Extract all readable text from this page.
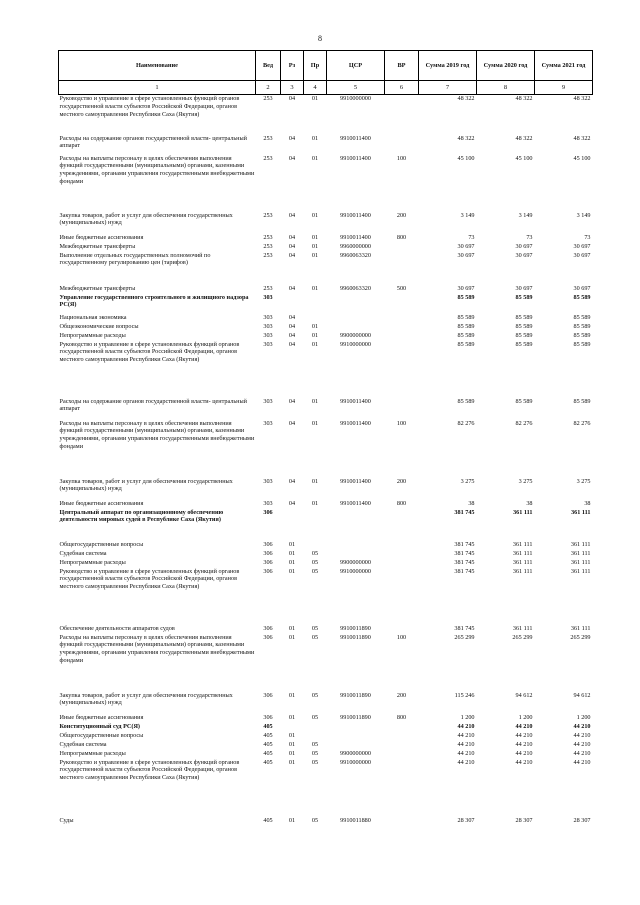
8
Наименование	Вед	Рз	Пр	ЦСР	ВР	Сумма 2019 год	Сумма 2020 год	Сумма 2021 год
1	2	3	4	5	6	7	8	9
Руководство и управление в сфере установленных функций органов государственной власти субъектов Российской Федерации, органов местного самоуправления Республики Саха (Якутия)	253	04	01	9910000000		48 322	48 322	48 322
Расходы на содержание органов государственной власти- центральный аппарат	253	04	01	9910011400		48 322	48 322	48 322
Расходы на выплаты персоналу в целях обеспечения выполнения функций государственными (муниципальными) органами, казенными учреждениями, органами управления государственными внебюджетными фондами	253	04	01	9910011400	100	45 100	45 100	45 100
Закупка товаров, работ и услуг для обеспечения государственных (муниципальных) нужд	253	04	01	9910011400	200	3 149	3 149	3 149
Иные бюджетные ассигнования	253	04	01	9910011400	800	73	73	73
Межбюджетные трансферты	253	04	01	9960000000		30 697	30 697	30 697
Выполнение отдельных государственных полномочий по государственному регулированию цен (тарифов)	253	04	01	9960063320		30 697	30 697	30 697
Межбюджетные трансферты	253	04	01	9960063320	500	30 697	30 697	30 697
Управление государственного строительного и жилищного надзора РС(Я)	303					85 589	85 589	85 589
Национальная экономика	303	04				85 589	85 589	85 589
Общеэкономические вопросы	303	04	01			85 589	85 589	85 589
Непрограммные расходы	303	04	01	9900000000		85 589	85 589	85 589
Руководство и управление в сфере установленных функций органов государственной власти субъектов Российской Федерации, органов местного самоуправления Республики Саха (Якутия)	303	04	01	9910000000		85 589	85 589	85 589
Расходы на содержание органов государственной власти- центральный аппарат	303	04	01	9910011400		85 589	85 589	85 589
Расходы на выплаты персоналу в целях обеспечения выполнения функций государственными (муниципальными) органами, казенными учреждениями, органами управления государственными внебюджетными фондами	303	04	01	9910011400	100	82 276	82 276	82 276
Закупка товаров, работ и услуг для обеспечения государственных (муниципальных) нужд	303	04	01	9910011400	200	3 275	3 275	3 275
Иные бюджетные ассигнования	303	04	01	9910011400	800	38	38	38
Центральный аппарат по организационному обеспечению деятельности мировых судей в Республике Саха (Якутия)	306					381 745	361 111	361 111
Общегосударственные вопросы	306	01				381 745	361 111	361 111
Судебная система	306	01	05			381 745	361 111	361 111
Непрограммные расходы	306	01	05	9900000000		381 745	361 111	361 111
Руководство и управление в сфере установленных функций органов государственной власти субъектов Российской Федерации, органов местного самоуправления Республики Саха (Якутия)	306	01	05	9910000000		381 745	361 111	361 111
Обеспечение деятельности аппаратов судов	306	01	05	9910011890		381 745	361 111	361 111
Расходы на выплаты персоналу в целях обеспечения выполнения функций государственными (муниципальными) органами, казенными учреждениями, органами управления государственными внебюджетными фондами	306	01	05	9910011890	100	265 299	265 299	265 299
Закупка товаров, работ и услуг для обеспечения государственных (муниципальных) нужд	306	01	05	9910011890	200	115 246	94 612	94 612
Иные бюджетные ассигнования	306	01	05	9910011890	800	1 200	1 200	1 200
Конституционный суд РС(Я)	405					44 210	44 210	44 210
Общегосударственные вопросы	405	01				44 210	44 210	44 210
Судебная система	405	01	05			44 210	44 210	44 210
Непрограммные расходы	405	01	05	9900000000		44 210	44 210	44 210
Руководство и управление в сфере установленных функций органов государственной власти субъектов Российской Федерации, органов местного самоуправления Республики Саха (Якутия)	405	01	05	9910000000		44 210	44 210	44 210
Суды	405	01	05	9910011880		28 307	28 307	28 307
